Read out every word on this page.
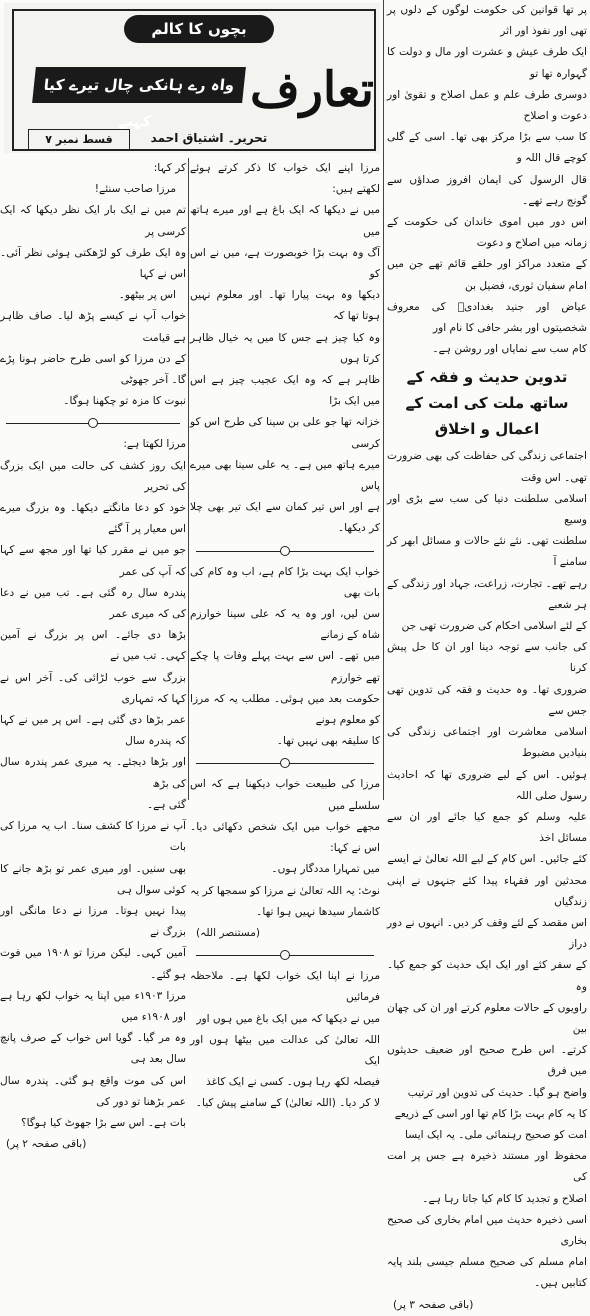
بچوں کا کالم
تعارف
واہ رے ہانکی چال تیرے کیا کہنے
تحریر۔ اشتیاق احمد
قسط نمبر ۷

پر تھا قوانین کی حکومت لوگوں کے دلوں پر تھی اور نفوذ اور اثر

ایک طرف عیش و عشرت اور مال و دولت کا گہوارہ تھا تو

دوسری طرف علم و عمل اصلاح و تقویٰ اور دعوت و اصلاح

کا سب سے بڑا مرکز بھی تھا۔ اسی کے گلی کوچے قال اللہ و

قال الرسول کی ایمان افروز صداؤں سے گونج رہے تھے۔

اس دور میں اموی خاندان کی حکومت کے زمانہ میں اصلاح و دعوت

کے متعدد مراکز اور حلقے قائم تھے جن میں امام سفیان ثوری، فضیل بن

عیاض اور جنید بغدادیؒ کی معروف شخصیتوں اور بشر حافی کا نام اور

کام سب سے نمایاں اور روشن ہے۔

تدوین حدیث و فقہ کے ساتھ ملت کی امت کے اعمال و اخلاق

اجتماعی زندگی کی حفاظت کی بھی ضرورت تھی۔ اس وقت

اسلامی سلطنت دنیا کی سب سے بڑی اور وسیع

سلطنت تھی۔ نئے نئے حالات و مسائل ابھر کر سامنے آ

رہے تھے۔ تجارت، زراعت، جہاد اور زندگی کے ہر شعبے

کے لئے اسلامی احکام کی ضرورت تھی جن

کی جانب سے توجہ دینا اور ان کا حل پیش کرنا

ضروری تھا۔ وہ حدیث و فقہ کی تدوین تھی جس سے

اسلامی معاشرت اور اجتماعی زندگی کی بنیادیں مضبوط

ہوئیں۔ اس کے لیے ضروری تھا کہ احادیث رسول صلی اللہ

علیہ وسلم کو جمع کیا جائے اور ان سے مسائل اخذ

کئے جائیں۔ اس کام کے لیے اللہ تعالیٰ نے ایسے

محدثین اور فقہاء پیدا کئے جنہوں نے اپنی زندگیاں

اس مقصد کے لئے وقف کر دیں۔ انہوں نے دور دراز

کے سفر کئے اور ایک ایک حدیث کو جمع کیا۔ وہ

راویوں کے حالات معلوم کرتے اور ان کی چھان بین

کرتے۔ اس طرح صحیح اور ضعیف حدیثوں میں فرق

واضح ہو گیا۔ حدیث کی تدوین اور ترتیب

کا یہ کام بہت بڑا کام تھا اور اسی کے ذریعے

امت کو صحیح رہنمائی ملی۔ یہ ایک ایسا

محفوظ اور مستند ذخیرہ ہے جس پر امت کی

اصلاح و تجدید کا کام کیا جاتا رہا ہے۔

اسی ذخیرہ حدیث میں امام بخاری کی صحیح بخاری

امام مسلم کی صحیح مسلم جیسی بلند پایہ کتابیں ہیں۔

(باقی صفحہ ۳ پر)

مرزا اپنے ایک خواب کا ذکر کرتے ہوئے لکھتے ہیں:

میں نے دیکھا کہ ایک باغ ہے اور میرے ہاتھ میں

آگ وہ بہت بڑا خوبصورت ہے، میں نے اس کو

دیکھا وہ بہت پیارا تھا۔ اور معلوم نہیں ہوتا تھا کہ

وہ کیا چیز ہے جس کا میں یہ خیال ظاہر کرتا ہوں

ظاہر ہے کہ وہ ایک عجیب چیز ہے اس میں ایک بڑا

خزانہ تھا جو علی بن سینا کی طرح اس کو کرسی

میرے ہاتھ میں ہے۔ یہ علی سینا بھی میرے پاس

ہے اور اس تیر کمان سے ایک تیر بھی چلا کر دیکھا۔

خواب ایک بہت بڑا کام ہے، اب وہ کام کی بات بھی

سن لیں، اور وہ یہ کہ علی سینا خوارزم شاہ کے زمانے

میں تھے۔ اس سے بہت پہلے وفات پا چکے تھے خوارزم

حکومت بعد میں ہوئی۔ مطلب یہ کہ مرزا کو معلوم ہونے

کا سلیقہ بھی نہیں تھا۔

مرزا کی طبیعت خواب دیکھنا ہے کہ اس سلسلے میں

مجھے خواب میں ایک شخص دکھائی دیا۔ اس نے کہا:

میں تمہارا مددگار ہوں۔

نوٹ: یہ اللہ تعالیٰ نے مرزا کو سمجھا کر یہ

کاشمار سیدھا نہیں ہوا تھا۔

(مستنصر اللہ)

مرزا نے اپنا ایک خواب لکھا ہے۔ ملاحظہ فرمائیں

میں نے دیکھا کہ میں ایک باغ میں ہوں اور

اللہ تعالیٰ کی عدالت میں بیٹھا ہوں اور ایک

فیصلہ لکھ رہا ہوں۔ کسی نے ایک کاغذ

لا کر دیا۔ (اللہ تعالیٰ) کے سامنے پیش کیا۔

کر کہا:

مرزا صاحب سنئے!

تم میں نے ایک بار ایک نظر دیکھا کہ ایک کرسی پر

وہ ایک طرف کو لڑھکتی ہوئی نظر آئی۔ اس نے کہا

اس پر بیٹھو۔

خواب آپ نے کیسے پڑھ لیا۔ صاف ظاہر ہے قیامت

کے دن مرزا کو اسی طرح حاضر ہونا پڑے گا۔ آخر جھوٹی

نبوت کا مزہ تو چکھنا ہوگا۔

مرزا لکھتا ہے:

ایک روز کشف کی حالت میں ایک بزرگ کی تحریر

خود کو دعا مانگتے دیکھا۔ وہ بزرگ میرے اس معیار پر آ گئے

جو میں نے مقرر کیا تھا اور مجھ سے کہا کہ آپ کی عمر

پندرہ سال رہ گئی ہے۔ تب میں نے دعا کی کہ میری عمر

بڑھا دی جائے۔ اس پر بزرگ نے آمین کہی۔ تب میں نے

بزرگ سے خوب لڑائی کی۔ آخر اس نے کہا کہ تمہاری

عمر بڑھا دی گئی ہے۔ اس پر میں نے کہا کہ پندرہ سال

اور بڑھا دیجئے۔ یہ میری عمر پندرہ سال کی بڑھ

گئی ہے۔

آپ نے مرزا کا کشف سنا۔ اب یہ مرزا کی بات

بھی سنیں۔ اور میری عمر تو بڑھ جانے کا کوئی سوال ہی

پیدا نہیں ہوتا۔ مرزا نے دعا مانگی اور بزرگ نے

آمین کہی۔ لیکن مرزا تو ۱۹۰۸ میں فوت ہو گئے۔

مرزا ۱۹۰۳ء میں اپنا یہ خواب لکھ رہا ہے اور ۱۹۰۸ء میں

وہ مر گیا۔ گویا اس خواب کے صرف پانچ سال بعد ہی

اس کی موت واقع ہو گئی۔ پندرہ سال عمر بڑھنا تو دور کی

بات ہے۔ اس سے بڑا جھوٹ کیا ہوگا؟

(باقی صفحہ ۲ پر)
